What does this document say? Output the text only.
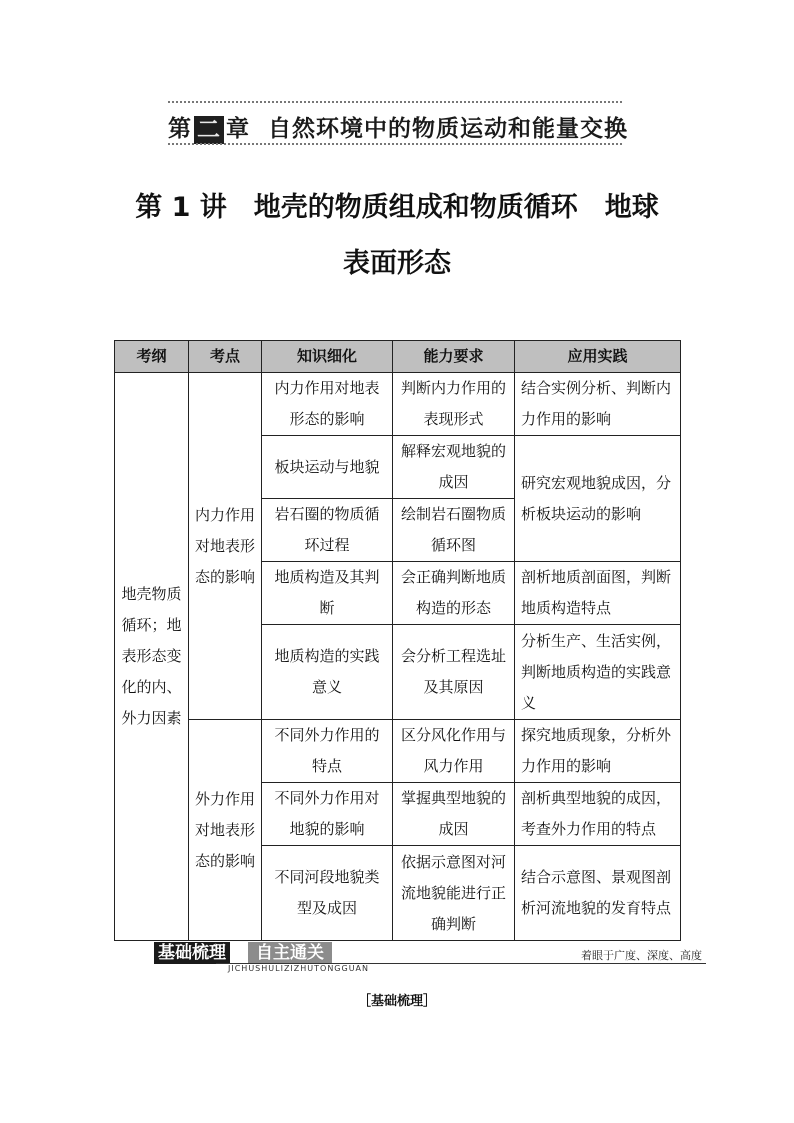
第 二 章 自然环境中的物质运动和能量交换
第 1 讲　地壳的物质组成和物质循环　地球
表面形态
考纲	考点	知识细化	能力要求	应用实践
地壳物质循环；地表形态变化的内、外力因素	内力作用对地表形态的影响	内力作用对地表形态的影响	判断内力作用的表现形式	结合实例分析、判断内力作用的影响
		板块运动与地貌	解释宏观地貌的成因	研究宏观地貌成因，分析板块运动的影响
		岩石圈的物质循环过程	绘制岩石圈物质循环图	
		地质构造及其判断	会正确判断地质构造的形态	剖析地质剖面图，判断地质构造特点
		地质构造的实践意义	会分析工程选址及其原因	分析生产、生活实例，判断地质构造的实践意义
	外力作用对地表形态的影响	不同外力作用的特点	区分风化作用与风力作用	探究地质现象，分析外力作用的影响
		不同外力作用对地貌的影响	掌握典型地貌的成因	剖析典型地貌的成因，考查外力作用的特点
		不同河段地貌类型及成因	依据示意图对河流地貌能进行正确判断	结合示意图、景观图剖析河流地貌的发育特点
基础梳理	自主通关
JICHUSHULIZIZHUTONGGUAN
着眼于广度、深度、高度
［基础梳理］
